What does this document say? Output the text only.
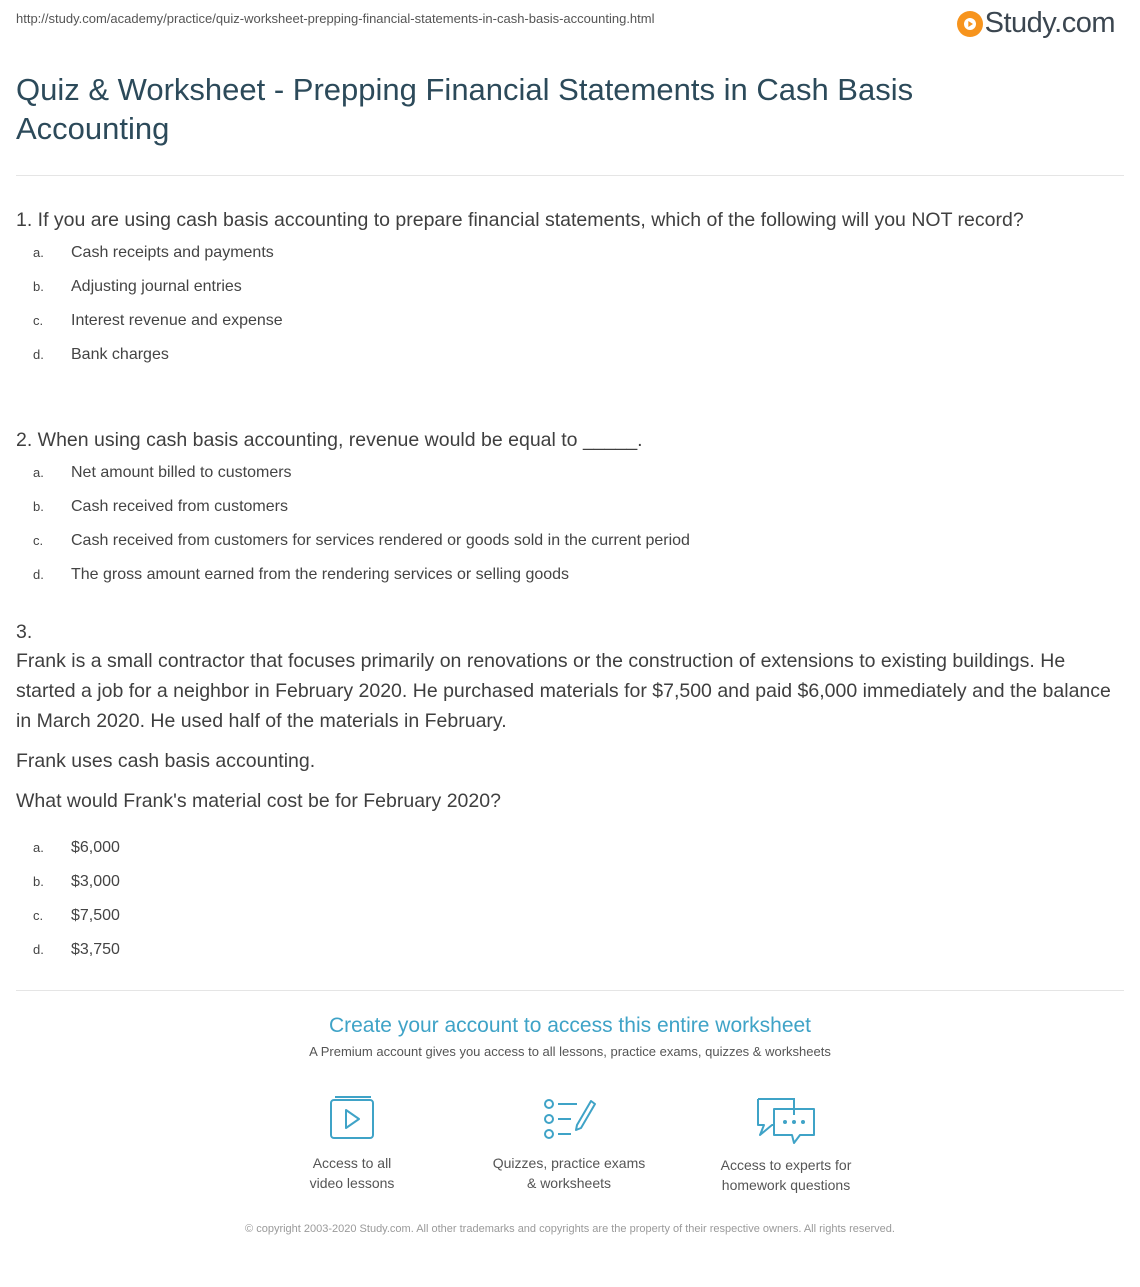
http://study.com/academy/practice/quiz-worksheet-prepping-financial-statements-in-cash-basis-accounting.html	Study.com
Quiz & Worksheet - Prepping Financial Statements in Cash Basis Accounting

1. If you are using cash basis accounting to prepare financial statements, which of the following will you NOT record?

a.	Cash receipts and payments
b.	Adjusting journal entries
c.	Interest revenue and expense
d.	Bank charges

2. When using cash basis accounting, revenue would be equal to _____.

a.	Net amount billed to customers
b.	Cash received from customers
c.	Cash received from customers for services rendered or goods sold in the current period
d.	The gross amount earned from the rendering services or selling goods

3.

Frank is a small contractor that focuses primarily on renovations or the construction of extensions to existing buildings. He started a job for a neighbor in February 2020. He purchased materials for $7,500 and paid $6,000 immediately and the balance in March 2020. He used half of the materials in February.

Frank uses cash basis accounting.

What would Frank's material cost be for February 2020?

a.	$6,000
b.	$3,000
c.	$7,500
d.	$3,750
Create your account to access this entire worksheet

A Premium account gives you access to all lessons, practice exams, quizzes & worksheets

Access to all
video lessons
Quizzes, practice exams
& worksheets
Access to experts for
homework questions
© copyright 2003-2020 Study.com. All other trademarks and copyrights are the property of their respective owners. All rights reserved.
